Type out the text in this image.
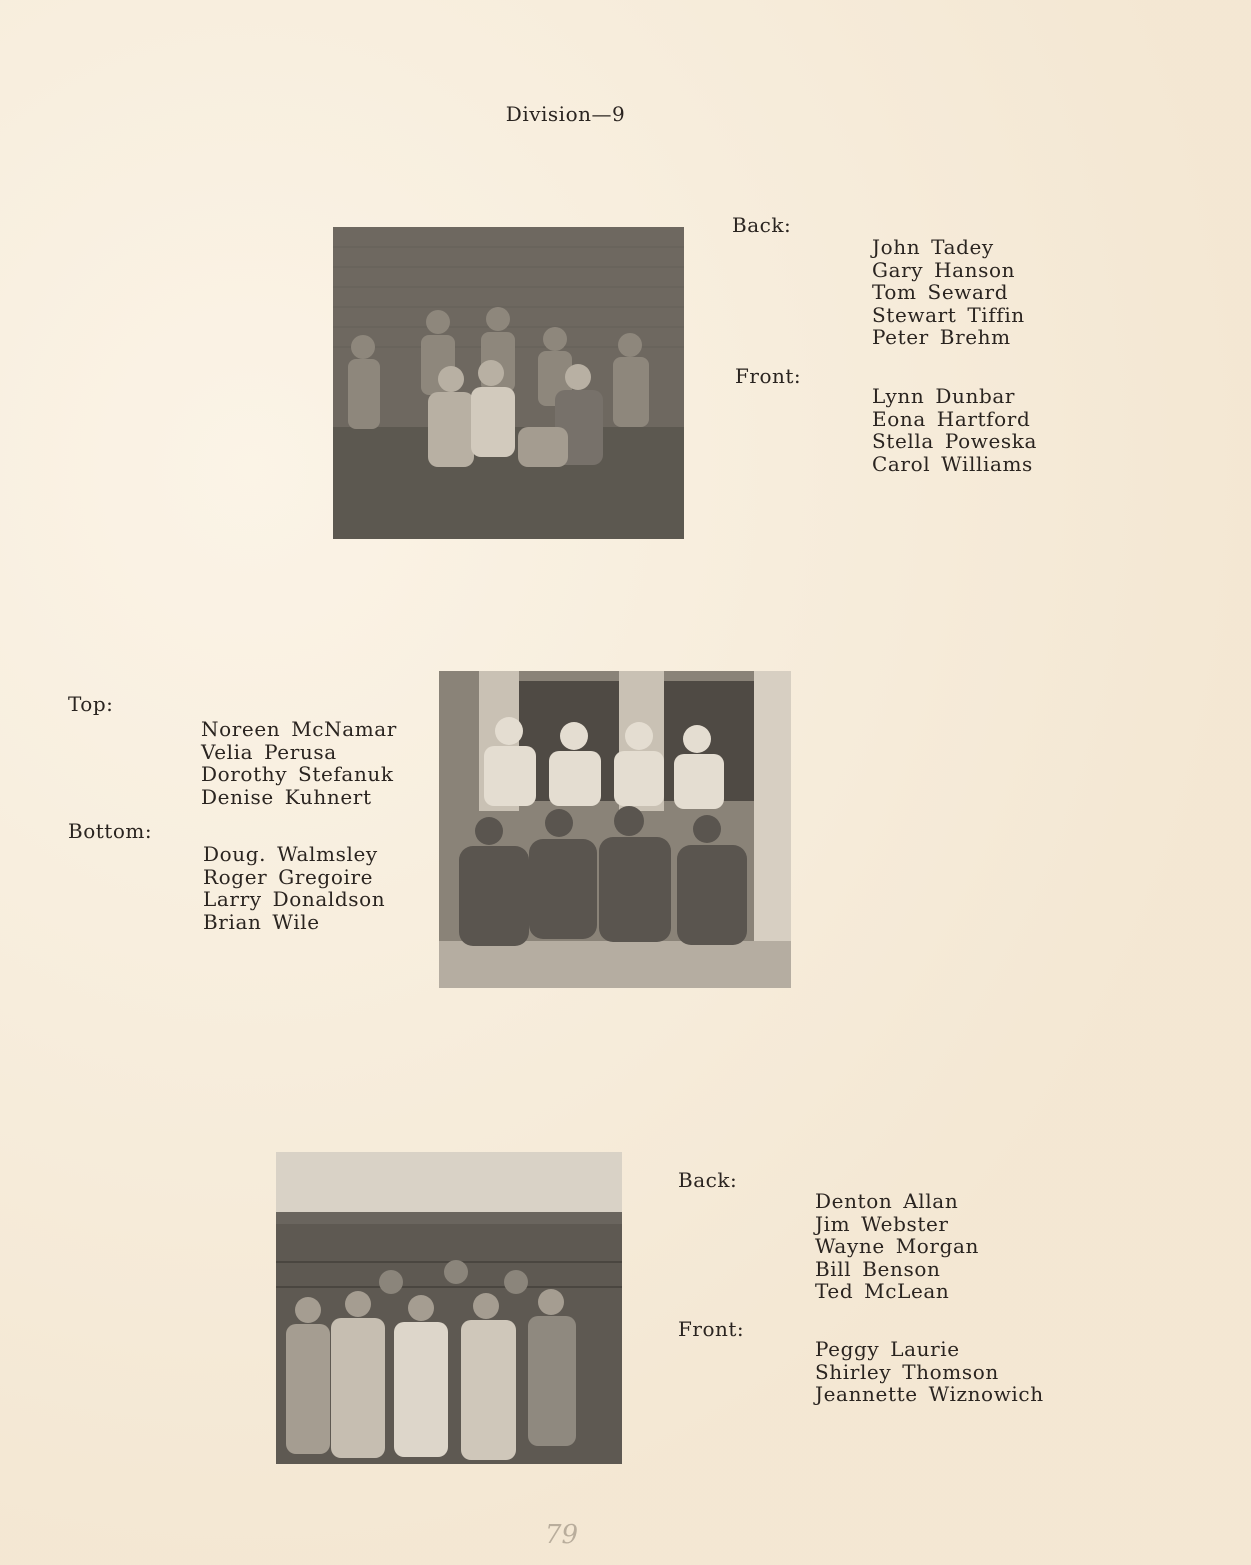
Division—9
Back:
John Tadey
Gary Hanson
Tom Seward
Stewart Tiffin
Peter Brehm
Front:
Lynn Dunbar
Eona Hartford
Stella Poweska
Carol Williams
Top:
Noreen McNamar
Velia Perusa
Dorothy Stefanuk
Denise Kuhnert
Bottom:
Doug. Walmsley
Roger Gregoire
Larry Donaldson
Brian Wile
Back:
Denton Allan
Jim Webster
Wayne Morgan
Bill Benson
Ted McLean
Front:
Peggy Laurie
Shirley Thomson
Jeannette Wiznowich
79
